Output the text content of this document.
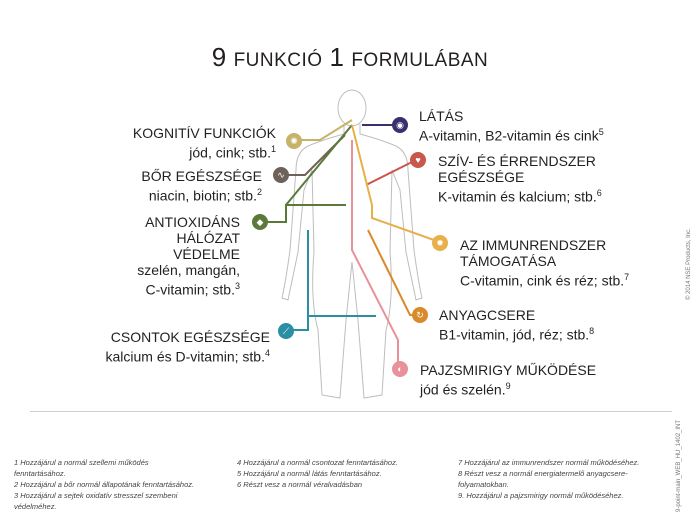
9 FUNKCIÓ 1 FORMULÁBAN
◉
✺
♥
∿
◆
✹
↻
⟋
◐
LÁTÁS
A-vitamin, B2-vitamin és cink$^5$
KOGNITÍV FUNKCIÓK
jód, cink; stb.$^1$
SZÍV- ÉS ÉRRENDSZER EGÉSZSÉGE
K-vitamin és kalcium; stb.$^6$
BŐR EGÉSZSÉGE
niacin, biotin; stb.$^2$
ANTIOXIDÁNS HÁLÓZAT VÉDELME
szelén, mangán, C-vitamin; stb.$^3$
AZ IMMUNRENDSZER TÁMOGATÁSA
C-vitamin, cink és réz; stb.$^7$
ANYAGCSERE
B1-vitamin, jód, réz; stb.$^8$
CSONTOK EGÉSZSÉGE
kalcium és D-vitamin; stb.$^4$
PAJZSMIRIGY MŰKÖDÉSE
jód és szelén.$^9$
1 Hozzájárul a normál szellemi működés
fenntartásához.
2 Hozzájárul a bőr normál állapotának fenntartásához.
3 Hozzájárul a sejtek oxidatív stresszel szembeni
védelméhez.
4 Hozzájárul a normál csontozat fenntartásához.
5 Hozzájárul a normál látás fenntartásához.
6 Részt vesz a normál véralvadásban
7 Hozzájárul az immunrendszer normál működéséhez.
8 Részt vesz a normál energiatermelő anyagcsere-
folyamatokban.
9. Hozzájárul a pajzsmirigy normál működéséhez.	9-point-main_WEB_HU_1402_INT
© 2014 NSE Products, Inc.
